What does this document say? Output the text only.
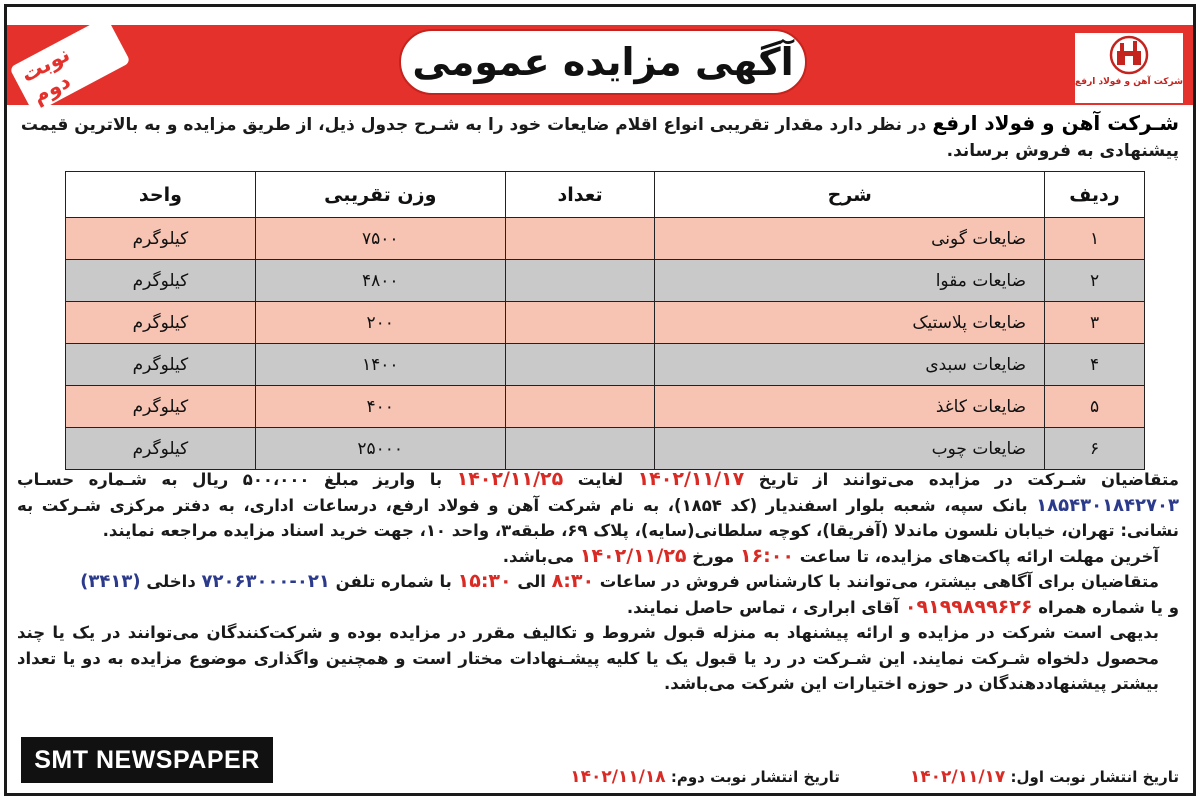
نوبت دوم
آگهی مزایده عمومی	شرکت آهن و فولاد ارفع
شـرکت آهن و فولاد ارفع در نظر دارد مقدار تقریبی انواع اقلام ضایعات خود را به شـرح جدول ذیل، از طریق مزایده و به بالاترین قیمت پیشنهادی به فروش برساند.
ردیف	شرح	تعداد	وزن تقریبی	واحد
۱	ضایعات گونی		۷۵۰۰	کیلوگرم
۲	ضایعات مقوا		۴۸۰۰	کیلوگرم
۳	ضایعات پلاستیک		۲۰۰	کیلوگرم
۴	ضایعات سبدی		۱۴۰۰	کیلوگرم
۵	ضایعات کاغذ		۴۰۰	کیلوگرم
۶	ضایعات چوب		۲۵۰۰۰	کیلوگرم

متقاضیان شـرکت در مزایده می‌توانند از تاریخ ۱۴۰۲/۱۱/۱۷ لغایت ۱۴۰۲/۱۱/۲۵ با واریز مبلغ ۵۰۰،۰۰۰ ریال به شـماره حسـاب ۱۸۵۴۳۰۱۸۴۲۷۰۳ بانک سپه، شعبه بلوار اسفندیار (کد ۱۸۵۴)، به نام شرکت آهن و فولاد ارفع، درساعات اداری، به دفتر مرکزی شـرکت به نشانی: تهران، خیابان نلسون ماندلا (آفریقا)، کوچه سلطانی(سایه)، پلاک ۶۹، طبقه۳، واحد ۱۰، جهت خرید اسناد مزایده مراجعه نمایند.

آخرین مهلت ارائه پاکت‌های مزایده، تا ساعت ۱۶:۰۰ مورخ ۱۴۰۲/۱۱/۲۵ می‌باشد.

متقاضیان برای آگاهی بیشتر، می‌توانند با کارشناس فروش در ساعات ۸:۳۰ الی ۱۵:۳۰ با شماره تلفن ۰۲۱-۷۲۰۶۳۰۰۰ داخلی (۳۴۱۳)

و یا شماره همراه ۰۹۱۹۹۸۹۹۶۲۶ آقای ابراری ، تماس حاصل نمایند.

بدیهی است شرکت در مزایده و ارائه پیشنهاد به منزله قبول شروط و تکالیف مقرر در مزایده بوده و شرکت‌کنندگان می‌توانند در یک یا چند محصول دلخواه شـرکت نمایند. این شـرکت در رد یا قبول یک یا کلیه پیشـنهادات مختار است و همچنین واگذاری موضوع مزایده به دو یا تعداد بیشتر پیشنهاددهندگان در حوزه اختیارات این شرکت می‌باشد.

تاریخ انتشار نوبت اول: ۱۴۰۲/۱۱/۱۷
تاریخ انتشار نوبت دوم: ۱۴۰۲/۱۱/۱۸
SMT NEWSPAPER
